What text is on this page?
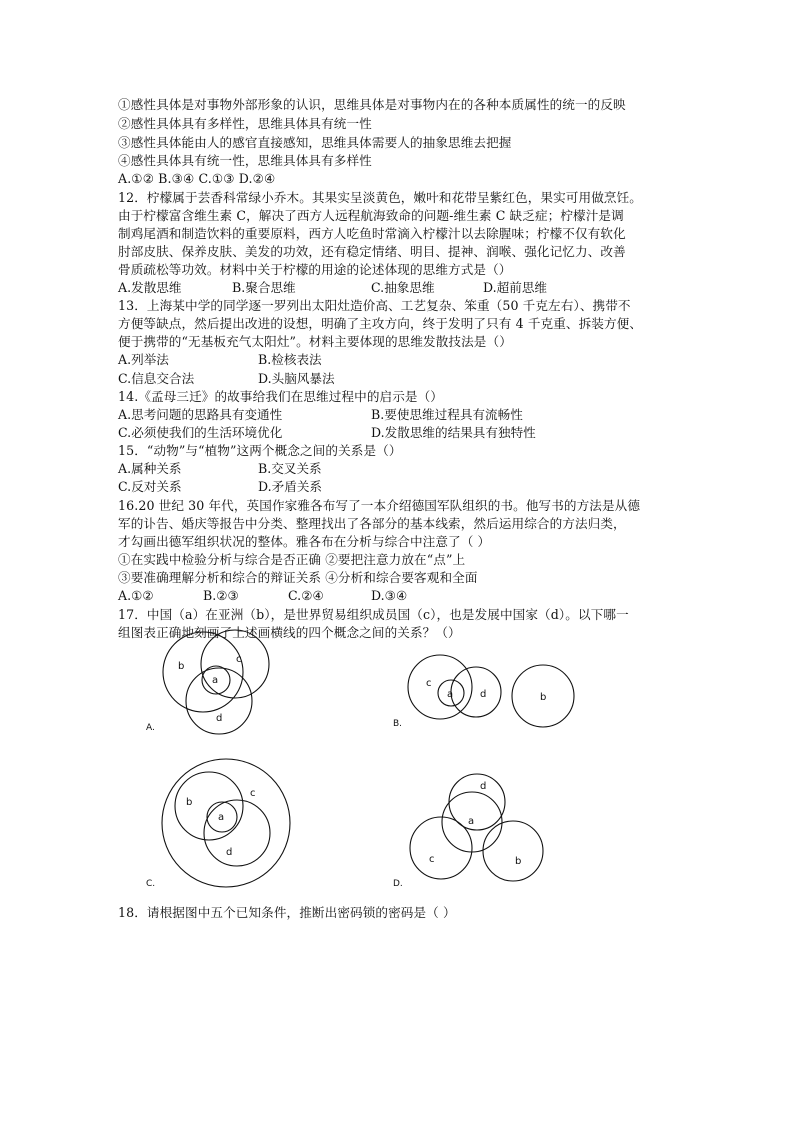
①感性具体是对事物外部形象的认识，思维具体是对事物内在的各种本质属性的统一的反映
②感性具体具有多样性，思维具体具有统一性
③感性具体能由人的感官直接感知，思维具体需要人的抽象思维去把握
④感性具体具有统一性，思维具体具有多样性
A.①② B.③④ C.①③ D.②④
12．柠檬属于芸香科常绿小乔木。其果实呈淡黄色，嫩叶和花带呈紫红色，果实可用做烹饪。
由于柠檬富含维生素 C，解决了西方人远程航海致命的问题-维生素 C 缺乏症；柠檬汁是调
制鸡尾酒和制造饮料的重要原料，西方人吃鱼时常滴入柠檬汁以去除腥味；柠檬不仅有软化
肘部皮肤、保养皮肤、美发的功效，还有稳定情绪、明目、提神、润喉、强化记忆力、改善
骨质疏松等功效。材料中关于柠檬的用途的论述体现的思维方式是（）
A.发散思维	B.聚合思维	C.抽象思维	D.超前思维
13．上海某中学的同学逐一罗列出太阳灶造价高、工艺复杂、笨重（50 千克左右）、携带不
方便等缺点，然后提出改进的设想，明确了主攻方向，终于发明了只有 4 千克重、拆装方便、
便于携带的“无基板充气太阳灶”。材料主要体现的思维发散技法是（）
A.列举法	B.检核表法
C.信息交合法	D.头脑风暴法
14.《孟母三迁》的故事给我们在思维过程中的启示是（）
A.思考问题的思路具有变通性	B.要使思维过程具有流畅性
C.必须使我们的生活环境优化	D.发散思维的结果具有独特性
15．“动物”与“植物”这两个概念之间的关系是（）
A.属种关系	B.交叉关系
C.反对关系	D.矛盾关系
16.20 世纪 30 年代，英国作家雅各布写了一本介绍德国军队组织的书。他写书的方法是从德
军的讣告、婚庆等报告中分类、整理找出了各部分的基本线索，然后运用综合的方法归类，
才勾画出德军组织状况的整体。雅各布在分析与综合中注意了（ ）
①在实践中检验分析与综合是否正确 ②要把注意力放在“点”上
③要准确理解分析和综合的辩证关系 ④分析和综合要客观和全面
A.①②	B.②③	C.②④	D.③④
17．中国（a）在亚洲（b），是世界贸易组织成员国（c），也是发展中国家（d）。以下哪一
组图表正确地刻画了上述画横线的四个概念之间的关系？（）
b
c
a
d
A.
c
a	d	b
B.
b
c
a
d
C.
d
a
c	b
D.
18．请根据图中五个已知条件，推断出密码锁的密码是（ ）
